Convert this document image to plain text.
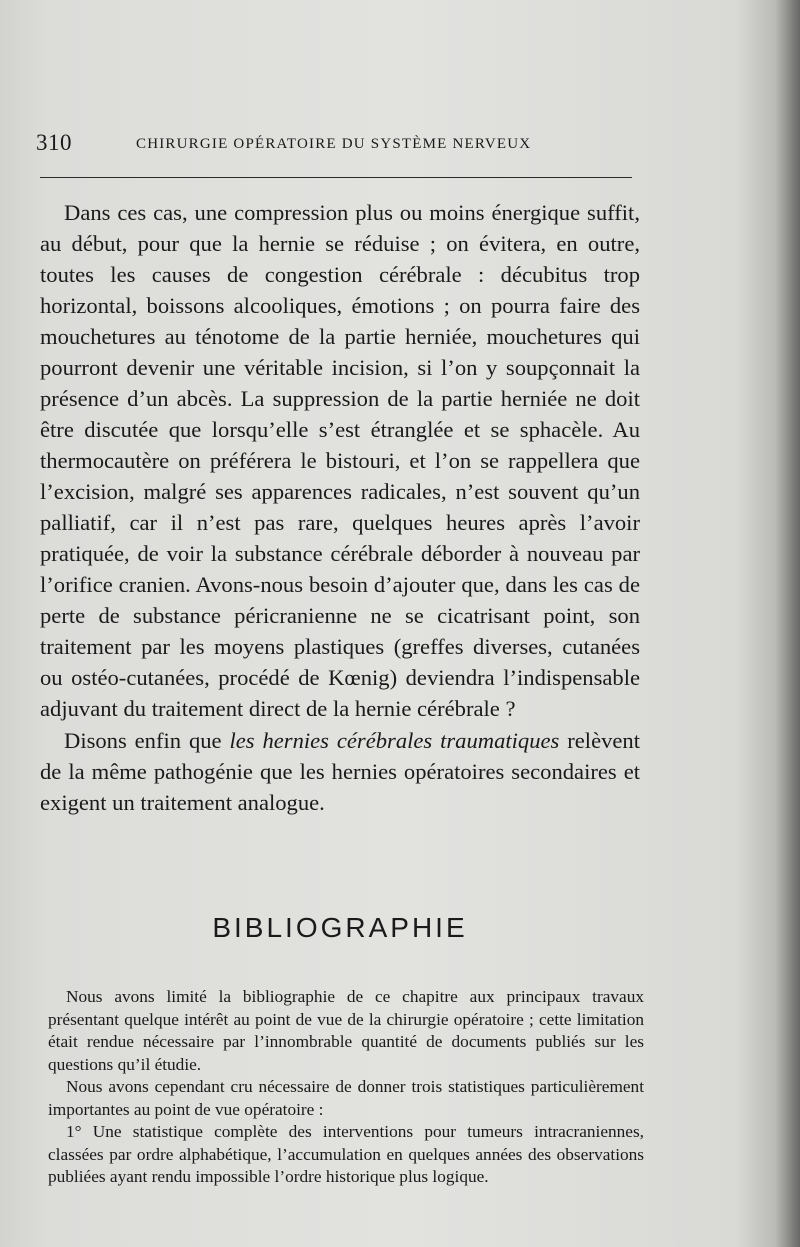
310	CHIRURGIE OPÉRATOIRE DU SYSTÈME NERVEUX

Dans ces cas, une compression plus ou moins énergique suffit, au début, pour que la hernie se réduise ; on évitera, en outre, toutes les causes de congestion cérébrale : décubitus trop horizontal, boissons alcooliques, émotions ; on pourra faire des mouchetures au ténotome de la partie herniée, mouchetures qui pourront devenir une véritable incision, si l’on y soupçonnait la présence d’un abcès. La suppression de la partie herniée ne doit être discutée que lorsqu’elle s’est étranglée et se sphacèle. Au thermocautère on préférera le bistouri, et l’on se rappellera que l’excision, malgré ses apparences radicales, n’est souvent qu’un palliatif, car il n’est pas rare, quelques heures après l’avoir pratiquée, de voir la substance cérébrale déborder à nouveau par l’orifice cranien. Avons-nous besoin d’ajouter que, dans les cas de perte de substance péricranienne ne se cicatrisant point, son traitement par les moyens plastiques (greffes diverses, cutanées ou ostéo-cutanées, procédé de Kœnig) deviendra l’indispensable adjuvant du traitement direct de la hernie cérébrale ?

Disons enfin que les hernies cérébrales traumatiques relèvent de la même pathogénie que les hernies opératoires secondaires et exigent un traitement analogue.

BIBLIOGRAPHIE

Nous avons limité la bibliographie de ce chapitre aux principaux travaux présentant quelque intérêt au point de vue de la chirurgie opératoire ; cette limitation était rendue nécessaire par l’innombrable quantité de documents publiés sur les questions qu’il étudie.

Nous avons cependant cru nécessaire de donner trois statistiques particulièrement importantes au point de vue opératoire :

1° Une statistique complète des interventions pour tumeurs intracraniennes, classées par ordre alphabétique, l’accumulation en quelques années des observations publiées ayant rendu impossible l’ordre historique plus logique.
